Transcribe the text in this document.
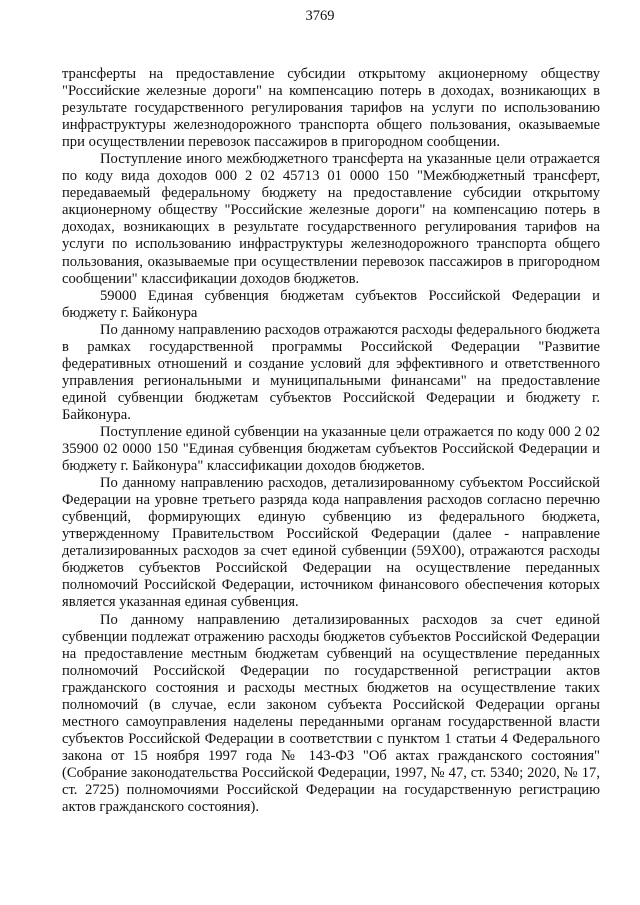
3769

трансферты на предоставление субсидии открытому акционерному обществу "Российские железные дороги" на компенсацию потерь в доходах, возникающих в результате государственного регулирования тарифов на услуги по использованию инфраструктуры железнодорожного транспорта общего пользования, оказываемые при осуществлении перевозок пассажиров в пригородном сообщении.

Поступление иного межбюджетного трансферта на указанные цели отражается по коду вида доходов 000 2 02 45713 01 0000 150 "Межбюджетный трансферт, передаваемый федеральному бюджету на предоставление субсидии открытому акционерному обществу "Российские железные дороги" на компенсацию потерь в доходах, возникающих в результате государственного регулирования тарифов на услуги по использованию инфраструктуры железнодорожного транспорта общего пользования, оказываемые при осуществлении перевозок пассажиров в пригородном сообщении" классификации доходов бюджетов.

59000 Единая субвенция бюджетам субъектов Российской Федерации и бюджету г. Байконура

По данному направлению расходов отражаются расходы федерального бюджета в рамках государственной программы Российской Федерации "Развитие федеративных отношений и создание условий для эффективного и ответственного управления региональными и муниципальными финансами" на предоставление единой субвенции бюджетам субъектов Российской Федерации и бюджету г. Байконура.

Поступление единой субвенции на указанные цели отражается по коду 000 2 02 35900 02 0000 150 "Единая субвенция бюджетам субъектов Российской Федерации и бюджету г. Байконура" классификации доходов бюджетов.

По данному направлению расходов, детализированному субъектом Российской Федерации на уровне третьего разряда кода направления расходов согласно перечню субвенций, формирующих единую субвенцию из федерального бюджета, утвержденному Правительством Российской Федерации (далее - направление детализированных расходов за счет единой субвенции (59Х00), отражаются расходы бюджетов субъектов Российской Федерации на осуществление переданных полномочий Российской Федерации, источником финансового обеспечения которых является указанная единая субвенция.

По данному направлению детализированных расходов за счет единой субвенции подлежат отражению расходы бюджетов субъектов Российской Федерации на предоставление местным бюджетам субвенций на осуществление переданных полномочий Российской Федерации по государственной регистрации актов гражданского состояния и расходы местных бюджетов на осуществление таких полномочий (в случае, если законом субъекта Российской Федерации органы местного самоуправления наделены переданными органам государственной власти субъектов Российской Федерации в соответствии с пунктом 1 статьи 4 Федерального закона от 15 ноября 1997 года № 143-ФЗ "Об актах гражданского состояния" (Собрание законодательства Российской Федерации, 1997, № 47, ст. 5340; 2020, № 17, ст. 2725) полномочиями Российской Федерации на государственную регистрацию актов гражданского состояния).
